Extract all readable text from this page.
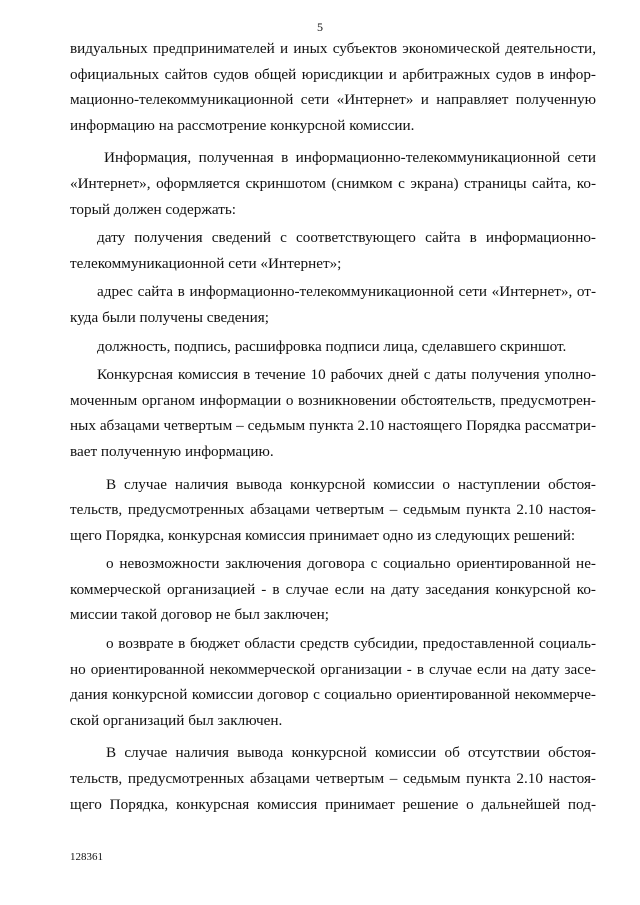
5
видуальных предпринимателей и иных субъектов экономической деятельности,
официальных сайтов судов общей юрисдикции и арбитражных судов в инфор-
мационно-телекоммуникационной сети «Интернет» и направляет полученную
информацию на рассмотрение конкурсной комиссии.
Информация, полученная в информационно-телекоммуникационной сети
«Интернет», оформляется скриншотом (снимком с экрана) страницы сайта, ко-
торый должен содержать:
дату получения сведений с соответствующего сайта в информационно-
телекоммуникационной сети «Интернет»;
адрес сайта в информационно-телекоммуникационной сети «Интернет», от-
куда были получены сведения;
должность, подпись, расшифровка подписи лица, сделавшего скриншот.
Конкурсная комиссия в течение 10 рабочих дней с даты получения уполно-
моченным органом информации о возникновении обстоятельств, предусмотрен-
ных абзацами четвертым – седьмым пункта 2.10 настоящего Порядка рассматри-
вает полученную информацию.
В случае наличия вывода конкурсной комиссии о наступлении обстоя-
тельств, предусмотренных абзацами четвертым – седьмым пункта 2.10 настоя-
щего Порядка, конкурсная комиссия принимает одно из следующих решений:
о невозможности заключения договора с социально ориентированной не-
коммерческой организацией - в случае если на дату заседания конкурсной ко-
миссии такой договор не был заключен;
о возврате в бюджет области средств субсидии, предоставленной социаль-
но ориентированной некоммерческой организации - в случае если на дату засе-
дания конкурсной комиссии договор с социально ориентированной некоммерче-
ской организаций был заключен.
В случае наличия вывода конкурсной комиссии об отсутствии обстоя-
тельств, предусмотренных абзацами четвертым – седьмым пункта 2.10 настоя-
щего Порядка, конкурсная комиссия принимает решение о дальнейшей под-
128361
